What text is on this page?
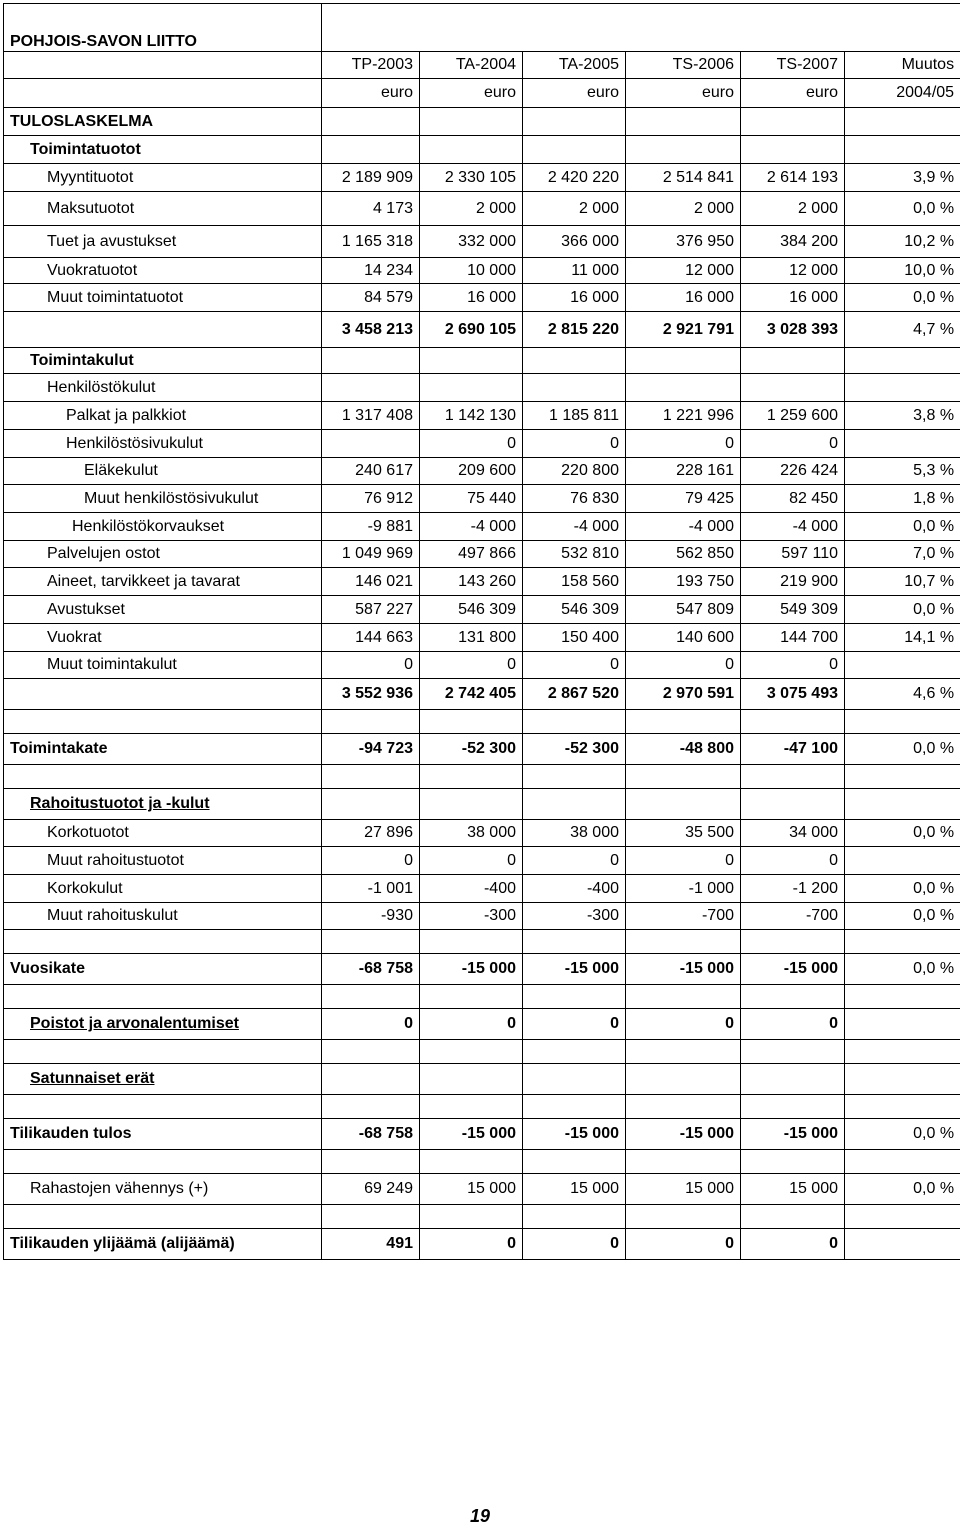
POHJOIS-SAVON LIITTO						
	TP-2003	TA-2004	TA-2005	TS-2006	TS-2007	Muutos
	euro	euro	euro	euro	euro	2004/05
TULOSLASKELMA						
Toimintatuotot						
Myyntituotot	2 189 909	2 330 105	2 420 220	2 514 841	2 614 193	3,9 %
Maksutuotot	4 173	2 000	2 000	2 000	2 000	0,0 %
Tuet ja avustukset	1 165 318	332 000	366 000	376 950	384 200	10,2 %
Vuokratuotot	14 234	10 000	11 000	12 000	12 000	10,0 %
Muut toimintatuotot	84 579	16 000	16 000	16 000	16 000	0,0 %
	3 458 213	2 690 105	2 815 220	2 921 791	3 028 393	4,7 %
Toimintakulut						
Henkilöstökulut						
Palkat ja palkkiot	1 317 408	1 142 130	1 185 811	1 221 996	1 259 600	3,8 %
Henkilöstösivukulut		0	0	0	0	
Eläkekulut	240 617	209 600	220 800	228 161	226 424	5,3 %
Muut henkilöstösivukulut	76 912	75 440	76 830	79 425	82 450	1,8 %
Henkilöstökorvaukset	-9 881	-4 000	-4 000	-4 000	-4 000	0,0 %
Palvelujen ostot	1 049 969	497 866	532 810	562 850	597 110	7,0 %
Aineet, tarvikkeet ja tavarat	146 021	143 260	158 560	193 750	219 900	10,7 %
Avustukset	587 227	546 309	546 309	547 809	549 309	0,0 %
Vuokrat	144 663	131 800	150 400	140 600	144 700	14,1 %
Muut toimintakulut	0	0	0	0	0	
	3 552 936	2 742 405	2 867 520	2 970 591	3 075 493	4,6 %

Toimintakate	-94 723	-52 300	-52 300	-48 800	-47 100	0,0 %

Rahoitustuotot ja -kulut						
Korkotuotot	27 896	38 000	38 000	35 500	34 000	0,0 %
Muut rahoitustuotot	0	0	0	0	0	
Korkokulut	-1 001	-400	-400	-1 000	-1 200	0,0 %
Muut rahoituskulut	-930	-300	-300	-700	-700	0,0 %

Vuosikate	-68 758	-15 000	-15 000	-15 000	-15 000	0,0 %

Poistot ja arvonalentumiset	0	0	0	0	0	

Satunnaiset erät						

Tilikauden tulos	-68 758	-15 000	-15 000	-15 000	-15 000	0,0 %

Rahastojen vähennys (+)	69 249	15 000	15 000	15 000	15 000	0,0 %

Tilikauden ylijäämä (alijäämä)	491	0	0	0	0	
19
